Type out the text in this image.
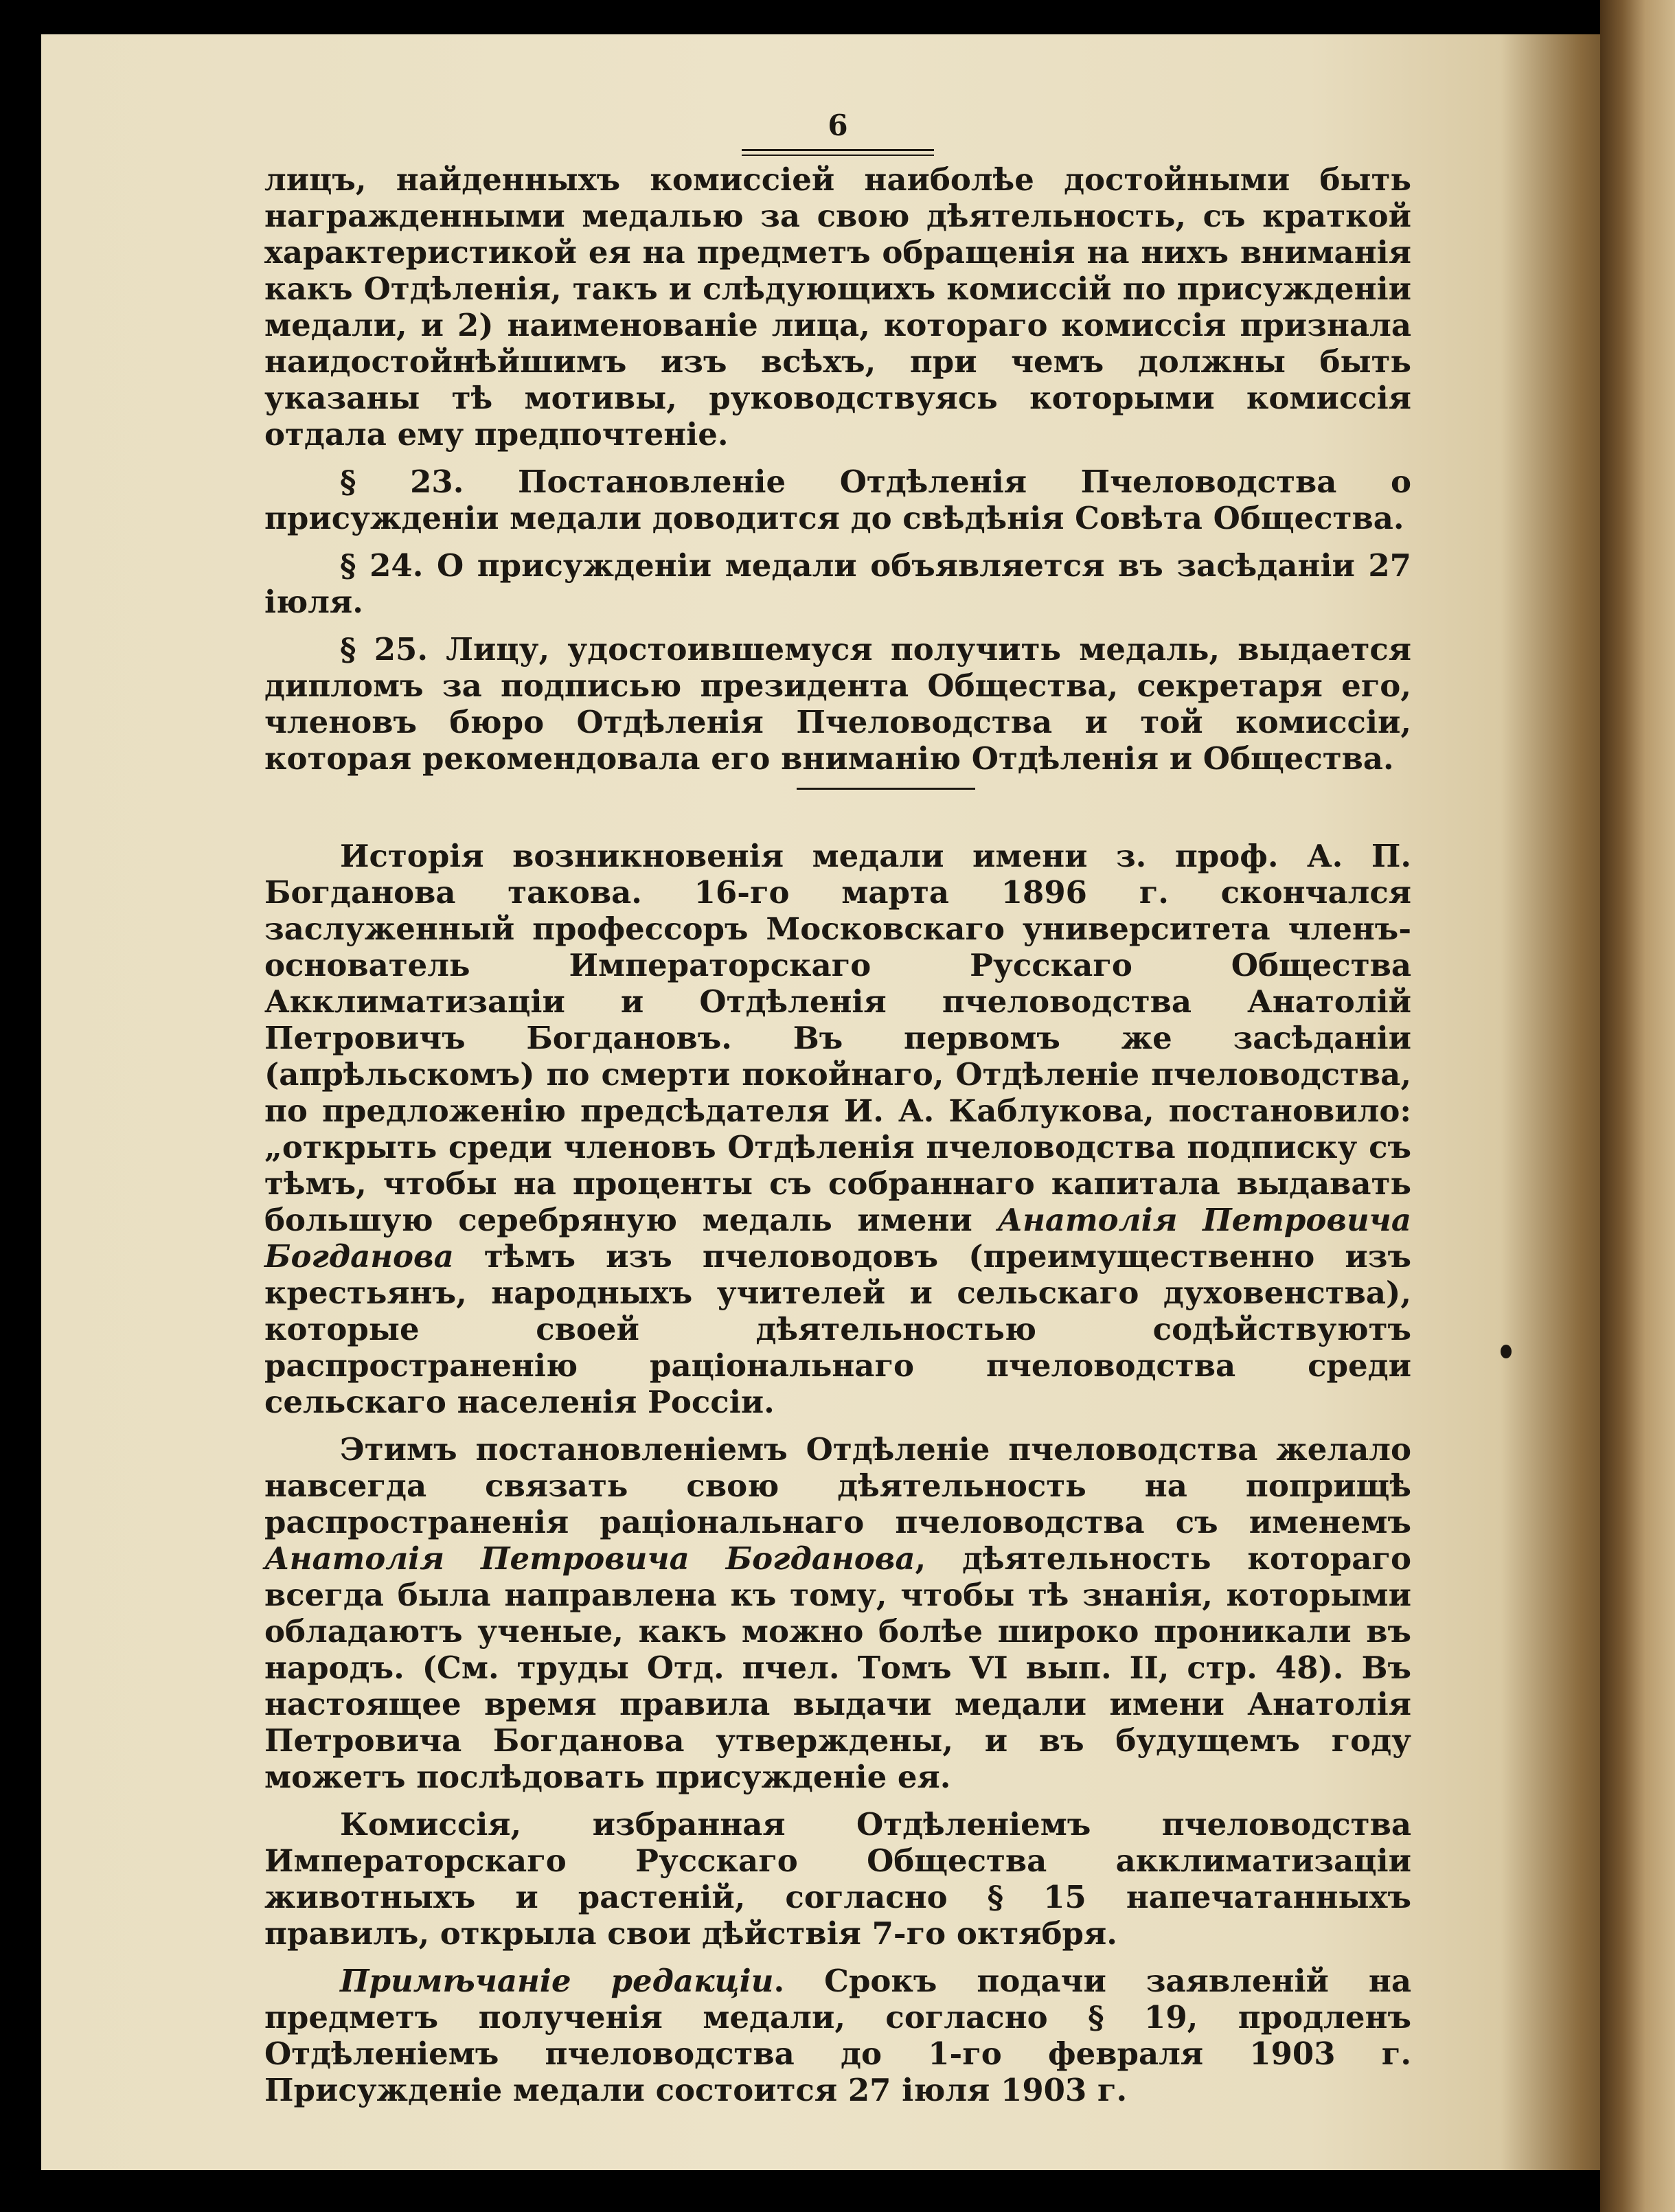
6

лицъ, найденныхъ комиссіей наиболѣе достойными быть награжденными медалью за свою дѣятельность, съ краткой характеристикой ея на предметъ обращенія на нихъ вниманія какъ Отдѣленія, такъ и слѣдующихъ комиссій по присужденіи медали, и 2) наименованіе лица, котораго комиссія признала наидостойнѣйшимъ изъ всѣхъ, при чемъ должны быть указаны тѣ мотивы, руководствуясь которыми комиссія отдала ему предпочтеніе.

§ 23. Постановленіе Отдѣленія Пчеловодства о присужденіи медали доводится до свѣдѣнія Совѣта Общества.

§ 24. О присужденіи медали объявляется въ засѣданіи 27 іюля.

§ 25. Лицу, удостоившемуся получить медаль, выдается дипломъ за подписью президента Общества, секретаря его, членовъ бюро Отдѣленія Пчеловодства и той комиссіи, которая рекомендовала его вниманію Отдѣленія и Общества.

Исторія возникновенія медали имени з. проф. А. П. Богданова такова. 16-го марта 1896 г. скончался заслуженный профессоръ Московскаго университета членъ-основатель Императорскаго Русскаго Общества Акклиматизаціи и Отдѣленія пчеловодства Анатолій Петровичъ Богдановъ. Въ первомъ же засѣданіи (апрѣльскомъ) по смерти покойнаго, Отдѣленіе пчеловодства, по предложенію предсѣдателя И. А. Каблукова, постановило: „открыть среди членовъ Отдѣленія пчеловодства подписку съ тѣмъ, чтобы на проценты съ собраннаго капитала выдавать большую серебряную медаль имени Анатолія Петровича Богданова тѣмъ изъ пчеловодовъ (преимущественно изъ крестьянъ, народныхъ учителей и сельскаго духовенства), которые своей дѣятельностью содѣйствуютъ распространенію раціональнаго пчеловодства среди сельскаго населенія Россіи.

Этимъ постановленіемъ Отдѣленіе пчеловодства желало навсегда связать свою дѣятельность на поприщѣ распространенія раціональнаго пчеловодства съ именемъ Анатолія Петровича Богданова, дѣятельность котораго всегда была направлена къ тому, чтобы тѣ знанія, которыми обладаютъ ученые, какъ можно болѣе широко проникали въ народъ. (См. труды Отд. пчел. Томъ VI вып. II, стр. 48). Въ настоящее время правила выдачи медали имени Анатолія Петровича Богданова утверждены, и въ будущемъ году можетъ послѣдовать присужденіе ея.

Комиссія, избранная Отдѣленіемъ пчеловодства Императорскаго Русскаго Общества акклиматизаціи животныхъ и растеній, согласно § 15 напечатанныхъ правилъ, открыла свои дѣйствія 7-го октября.

Примѣчаніе редакціи. Срокъ подачи заявленій на предметъ полученія медали, согласно § 19, продленъ Отдѣленіемъ пчеловодства до 1-го февраля 1903 г. Присужденіе медали состоится 27 іюля 1903 г.
